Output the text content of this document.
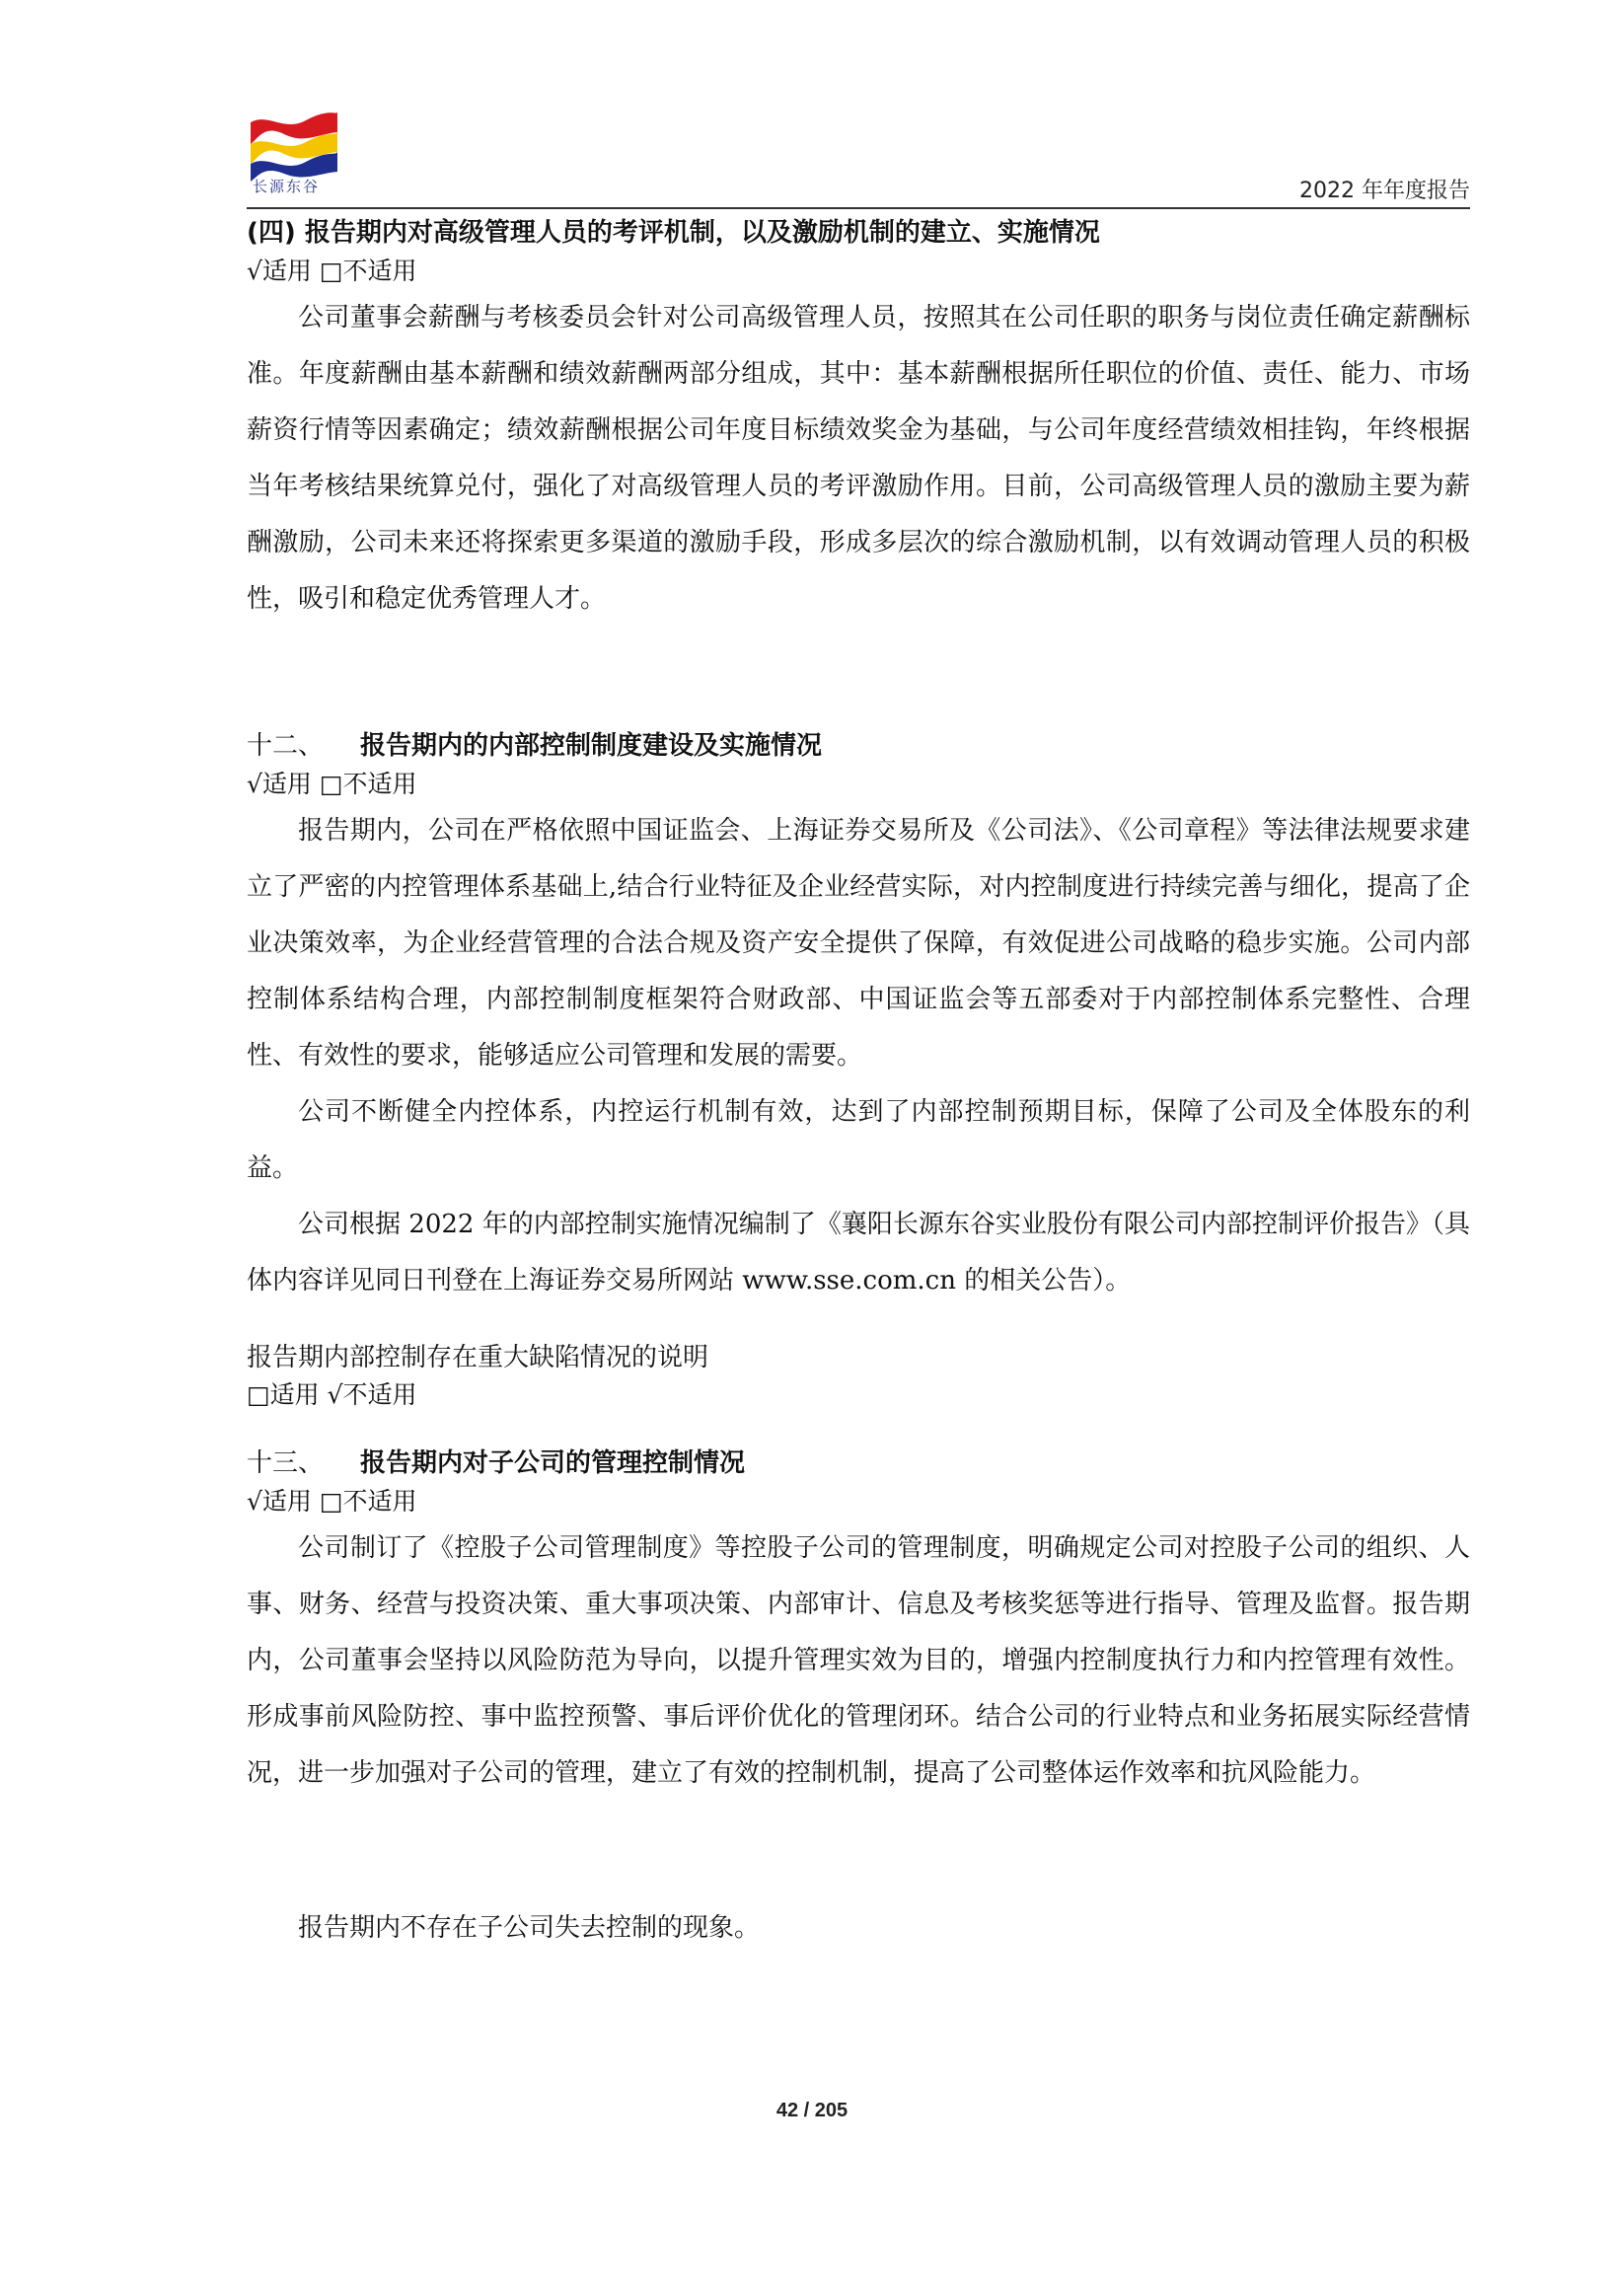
长源东谷	2022 年年度报告
(四) 报告期内对高级管理人员的考评机制，以及激励机制的建立、实施情况
√适用 □不适用

公司董事会薪酬与考核委员会针对公司高级管理人员，按照其在公司任职的职务与岗位责任确定薪酬标准。年度薪酬由基本薪酬和绩效薪酬两部分组成，其中：基本薪酬根据所任职位的价值、责任、能力、市场薪资行情等因素确定；绩效薪酬根据公司年度目标绩效奖金为基础，与公司年度经营绩效相挂钩，年终根据当年考核结果统算兑付，强化了对高级管理人员的考评激励作用。目前，公司高级管理人员的激励主要为薪酬激励，公司未来还将探索更多渠道的激励手段，形成多层次的综合激励机制，以有效调动管理人员的积极性，吸引和稳定优秀管理人才。

十二、 报告期内的内部控制制度建设及实施情况
√适用 □不适用

报告期内，公司在严格依照中国证监会、上海证券交易所及《公司法》、《公司章程》等法律法规要求建立了严密的内控管理体系基础上,结合行业特征及企业经营实际，对内控制度进行持续完善与细化，提高了企业决策效率，为企业经营管理的合法合规及资产安全提供了保障，有效促进公司战略的稳步实施。公司内部控制体系结构合理，内部控制制度框架符合财政部、中国证监会等五部委对于内部控制体系完整性、合理性、有效性的要求，能够适应公司管理和发展的需要。

公司不断健全内控体系，内控运行机制有效，达到了内部控制预期目标，保障了公司及全体股东的利益。

公司根据 2022 年的内部控制实施情况编制了《襄阳长源东谷实业股份有限公司内部控制评价报告》（具体内容详见同日刊登在上海证券交易所网站 www.sse.com.cn 的相关公告）。

报告期内部控制存在重大缺陷情况的说明
□适用 √不适用
十三、 报告期内对子公司的管理控制情况
√适用 □不适用

公司制订了《控股子公司管理制度》等控股子公司的管理制度，明确规定公司对控股子公司的组织、人事、财务、经营与投资决策、重大事项决策、内部审计、信息及考核奖惩等进行指导、管理及监督。报告期内，公司董事会坚持以风险防范为导向，以提升管理实效为目的，增强内控制度执行力和内控管理有效性。形成事前风险防控、事中监控预警、事后评价优化的管理闭环。结合公司的行业特点和业务拓展实际经营情况，进一步加强对子公司的管理，建立了有效的控制机制，提高了公司整体运作效率和抗风险能力。

报告期内不存在子公司失去控制的现象。

42 / 205
